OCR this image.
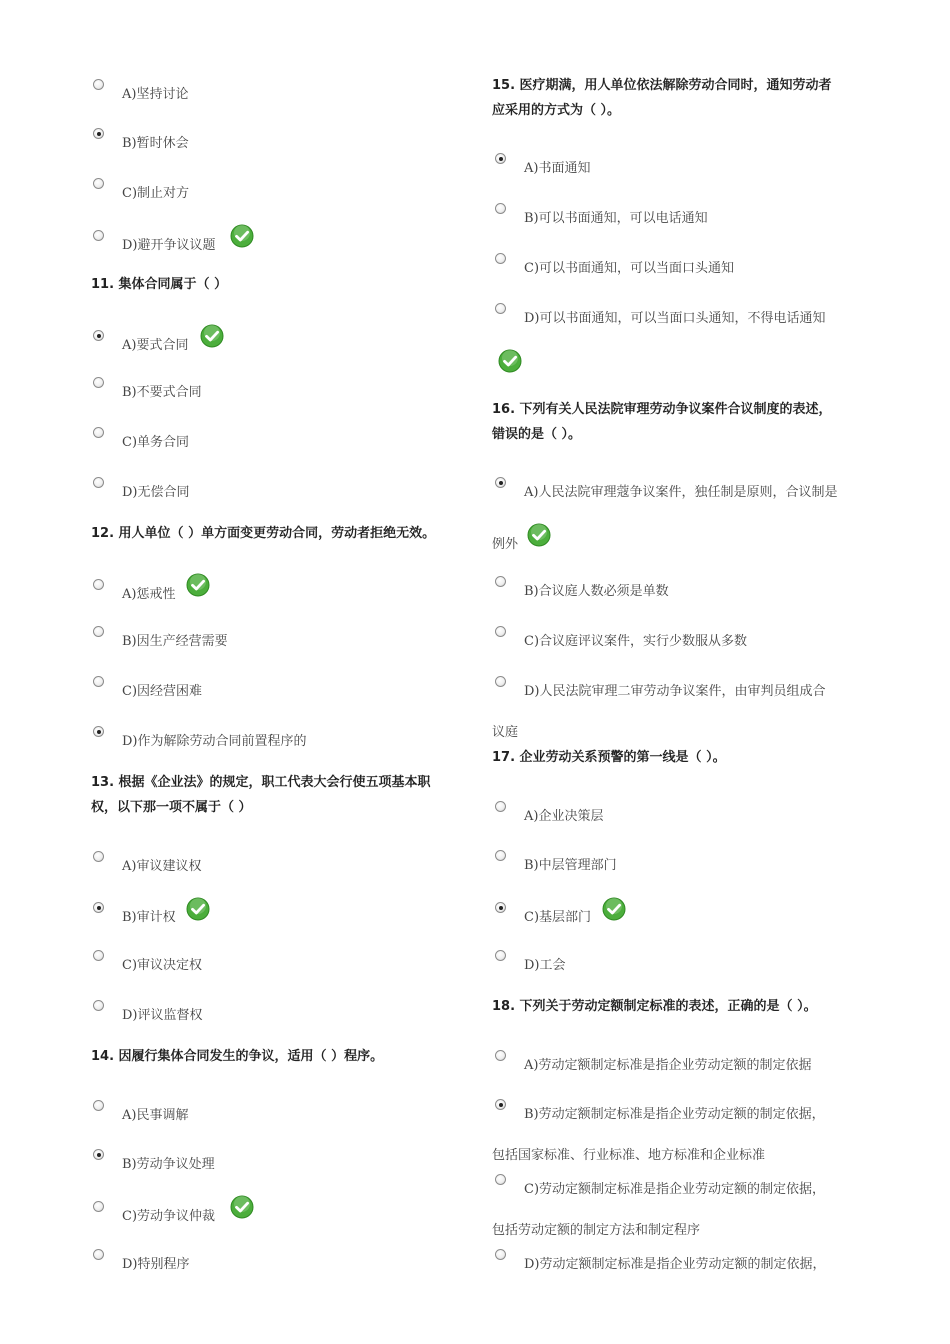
A)坚持讨论
B)暂时休会
C)制止对方
D)避开争议议题
11. 集体合同属于（ ）
A)要式合同
B)不要式合同
C)单务合同
D)无偿合同
12. 用人单位（ ）单方面变更劳动合同，劳动者拒绝无效。
A)惩戒性
B)因生产经营需要
C)因经营困难
D)作为解除劳动合同前置程序的
13. 根据《企业法》的规定，职工代表大会行使五项基本职
权，以下那一项不属于（ ）
A)审议建议权
B)审计权
C)审议决定权
D)评议监督权
14. 因履行集体合同发生的争议，适用（ ）程序。
A)民事调解
B)劳动争议处理
C)劳动争议仲裁
D)特别程序
15. 医疗期满，用人单位依法解除劳动合同时，通知劳动者
应采用的方式为（ ）。
A)书面通知
B)可以书面通知，可以电话通知
C)可以书面通知，可以当面口头通知
D)可以书面通知，可以当面口头通知，不得电话通知
16. 下列有关人民法院审理劳动争议案件合议制度的表述，
错误的是（ ）。
A)人民法院审理蔻争议案件，独任制是原则，合议制是
例外
B)合议庭人数必须是单数
C)合议庭评议案件，实行少数服从多数
D)人民法院审理二审劳动争议案件，由审判员组成合
议庭
17. 企业劳动关系预警的第一线是（ ）。
A)企业决策层
B)中层管理部门
C)基层部门
D)工会
18. 下列关于劳动定额制定标准的表述，正确的是（ ）。
A)劳动定额制定标准是指企业劳动定额的制定依据
B)劳动定额制定标准是指企业劳动定额的制定依据，
包括国家标准、行业标准、地方标准和企业标准
C)劳动定额制定标准是指企业劳动定额的制定依据，
包括劳动定额的制定方法和制定程序
D)劳动定额制定标准是指企业劳动定额的制定依据，
